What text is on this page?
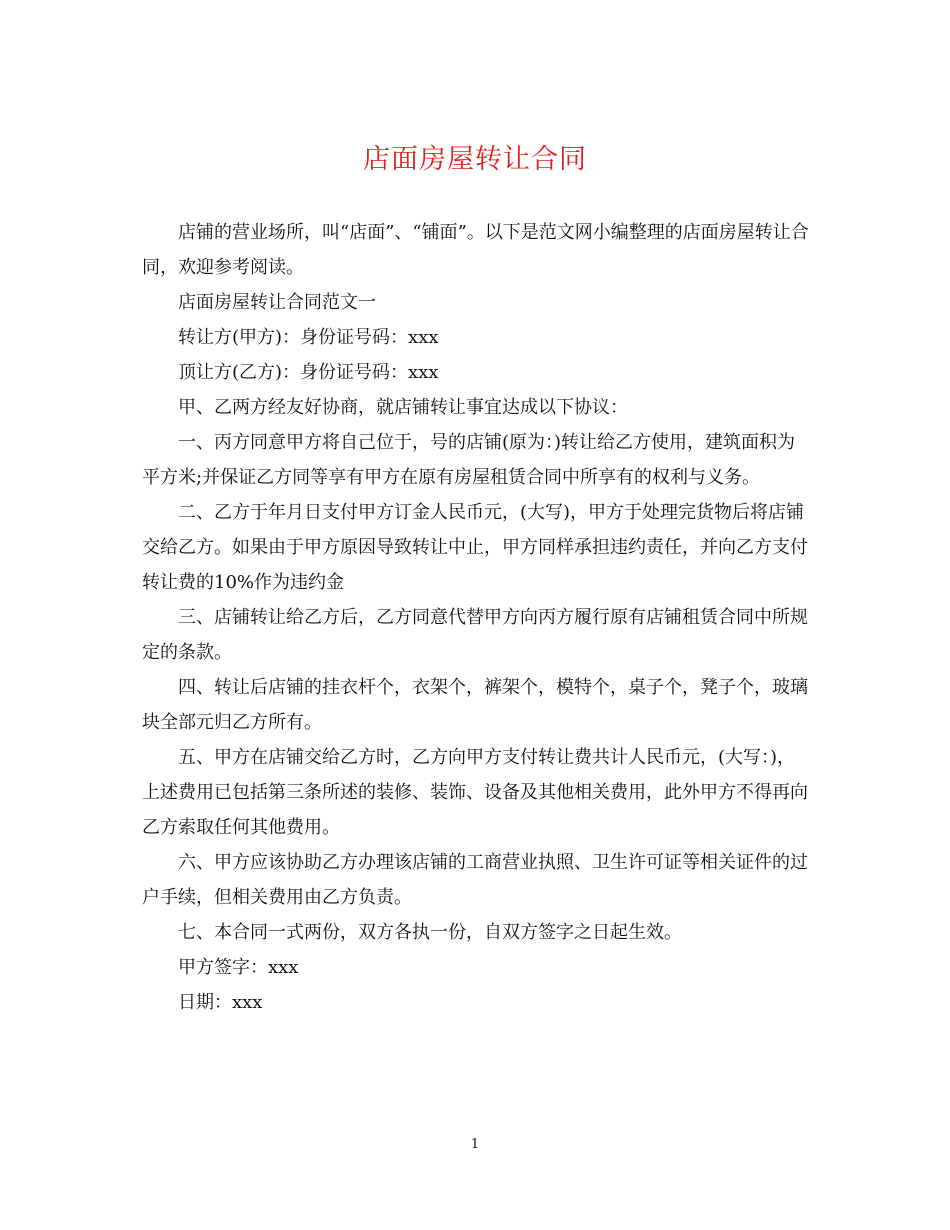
店面房屋转让合同

店铺的营业场所，叫“店面”、“铺面”。以下是范文网小编整理的店面房屋转让合同，欢迎参考阅读。

店面房屋转让合同范文一

转让方(甲方)：身份证号码：xxx

顶让方(乙方)：身份证号码：xxx

甲、乙两方经友好协商，就店铺转让事宜达成以下协议：

一、丙方同意甲方将自己位于，号的店铺(原为：)转让给乙方使用，建筑面积为平方米;并保证乙方同等享有甲方在原有房屋租赁合同中所享有的权利与义务。

二、乙方于年月日支付甲方订金人民币元，(大写)，甲方于处理完货物后将店铺交给乙方。如果由于甲方原因导致转让中止，甲方同样承担违约责任，并向乙方支付转让费的10%作为违约金

三、店铺转让给乙方后，乙方同意代替甲方向丙方履行原有店铺租赁合同中所规定的条款。

四、转让后店铺的挂衣杆个，衣架个，裤架个，模特个，桌子个，凳子个，玻璃块全部元归乙方所有。

五、甲方在店铺交给乙方时，乙方向甲方支付转让费共计人民币元，(大写：)，上述费用已包括第三条所述的装修、装饰、设备及其他相关费用，此外甲方不得再向乙方索取任何其他费用。

六、甲方应该协助乙方办理该店铺的工商营业执照、卫生许可证等相关证件的过户手续，但相关费用由乙方负责。

七、本合同一式两份，双方各执一份，自双方签字之日起生效。

甲方签字：xxx

日期：xxx

1
